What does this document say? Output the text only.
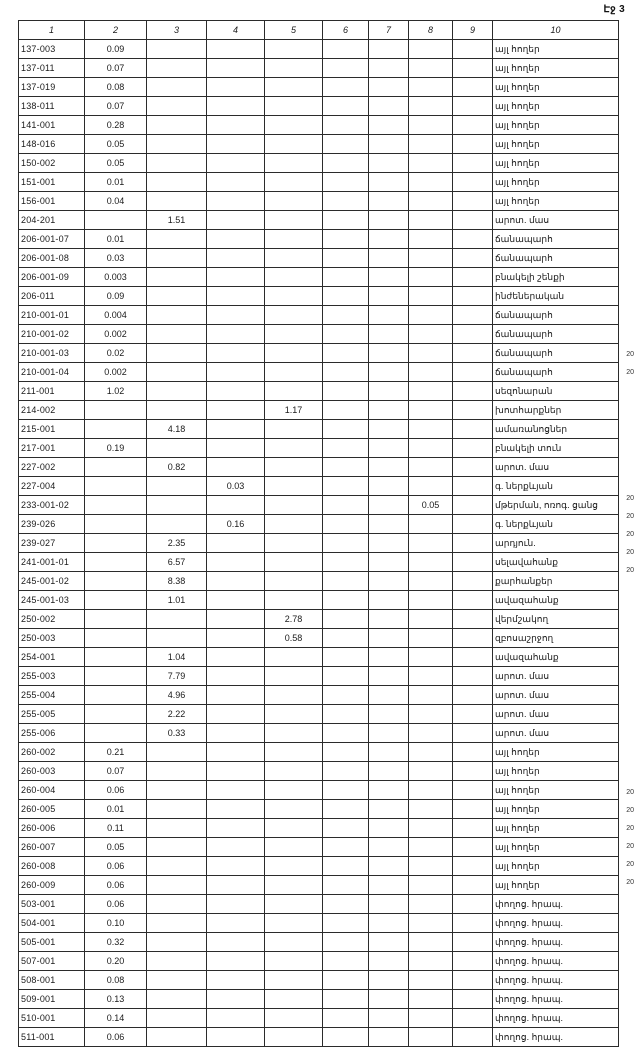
Էջ 3
1	2	3	4	5	6	7	8	9	10
137-003	0.09								այլ հողեր
137-011	0.07								այլ հողեր
137-019	0.08								այլ հողեր
138-011	0.07								այլ հողեր
141-001	0.28								այլ հողեր
148-016	0.05								այլ հողեր
150-002	0.05								այլ հողեր
151-001	0.01								այլ հողեր
156-001	0.04								այլ հողեր
204-201		1.51							արոտ. մաս
206-001-07	0.01								ճանապարհ
206-001-08	0.03								ճանապարհ
206-001-09	0.003								բնակելի շենքի
206-011	0.09								ինժեներական
210-001-01	0.004								ճանապարհ
210-001-02	0.002								ճանապարհ
210-001-03	0.02								ճանապարհ
210-001-04	0.002								ճանապարհ
211-001	1.02								սեզոնարան
214-002				1.17					խոտհարքներ
215-001		4.18							ամառանոցներ
217-001	0.19								բնակելի տուն
227-002		0.82							արոտ. մաս
227-004			0.03						գ. ներքևյան
233-001-02							0.05		մթերման, ոռոգ. ցանց
239-026			0.16						գ. ներքևյան
239-027		2.35							արդյուն.
241-001-01		6.57							սելավահանք
245-001-02		8.38							քարհանքեր
245-001-03		1.01							ավազահանք
250-002				2.78					վերմշակող
250-003				0.58					զբոսաշրջող
254-001		1.04							ավազահանք
255-003		7.79							արոտ. մաս
255-004		4.96							արոտ. մաս
255-005		2.22							արոտ. մաս
255-006		0.33							արոտ. մաս
260-002	0.21								այլ հողեր
260-003	0.07								այլ հողեր
260-004	0.06								այլ հողեր
260-005	0.01								այլ հողեր
260-006	0.11								այլ հողեր
260-007	0.05								այլ հողեր
260-008	0.06								այլ հողեր
260-009	0.06								այլ հողեր
503-001	0.06								փողոց. հրապ.
504-001	0.10								փողոց. հրապ.
505-001	0.32								փողոց. հրապ.
507-001	0.20								փողոց. հրապ.
508-001	0.08								փողոց. հրապ.
509-001	0.13								փողոց. հրապ.
510-001	0.14								փողոց. հրապ.
511-001	0.06								փողոց. հրապ.
20
20
20
20
20
20
20
20
20
20
20
20
20
